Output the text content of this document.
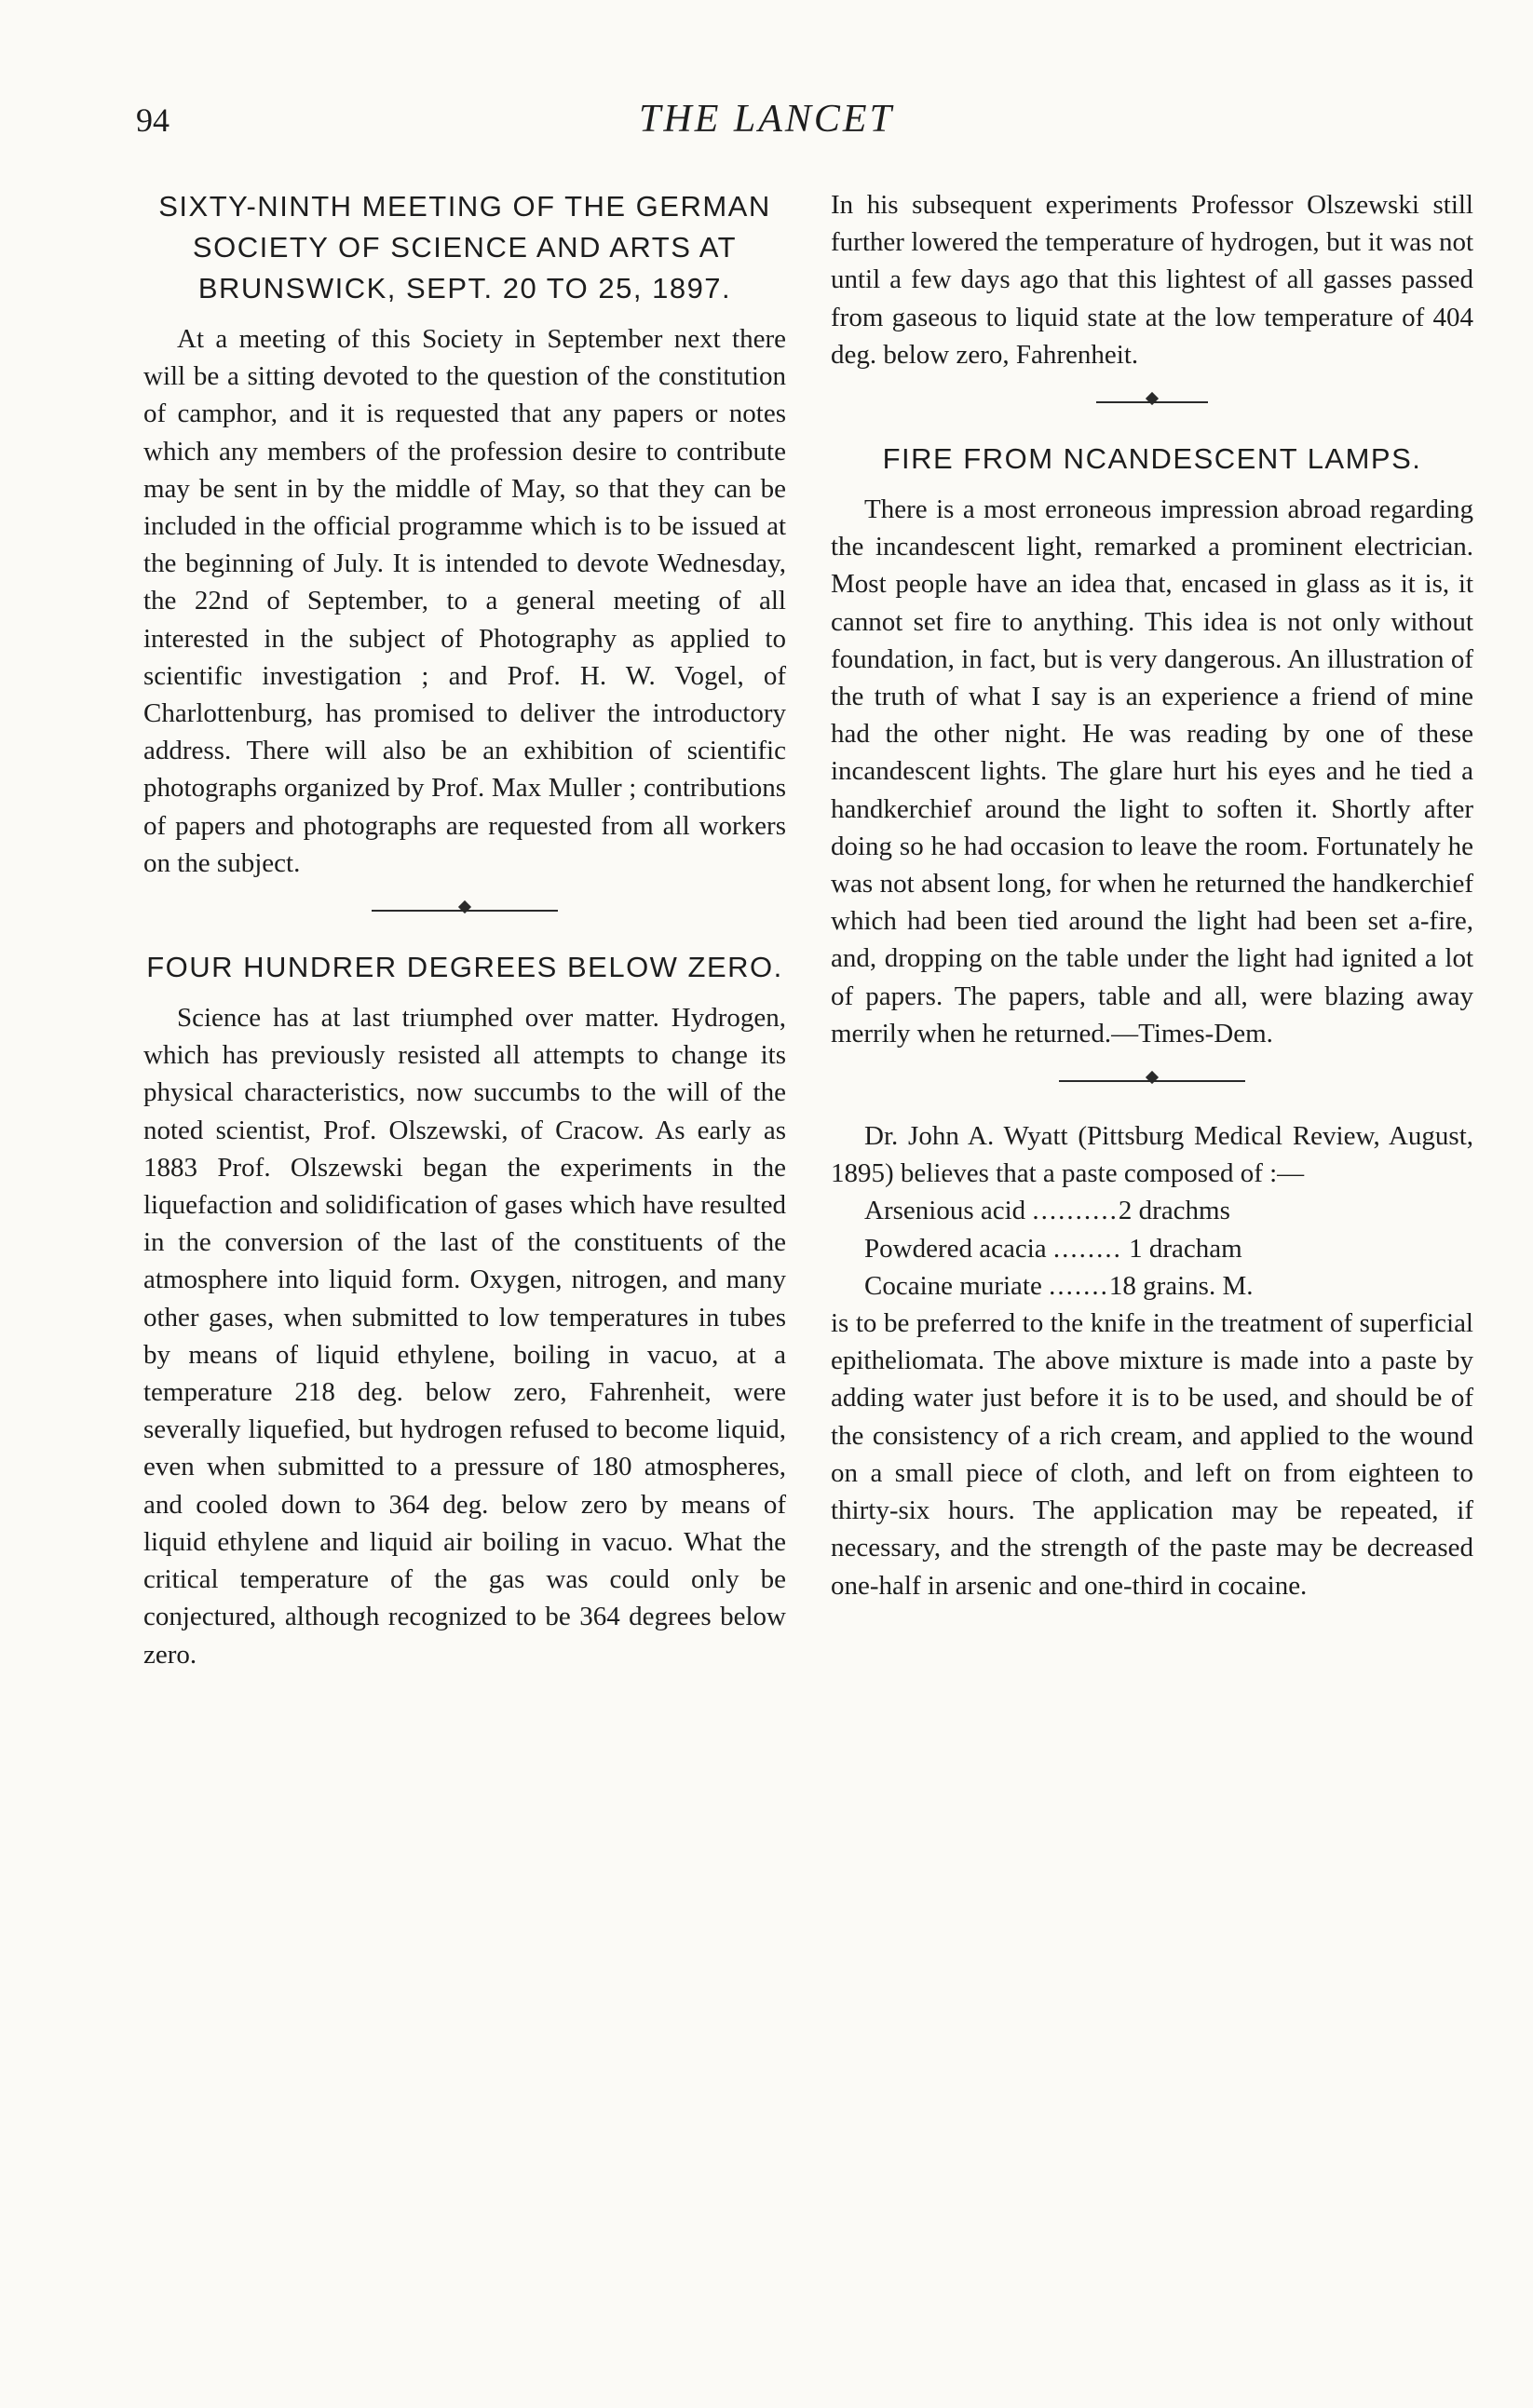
94	THE LANCET
SIXTY-NINTH MEETING OF THE GERMAN SOCIETY OF SCIENCE AND ARTS AT BRUNSWICK, SEPT. 20 TO 25, 1897.

At a meeting of this Society in September next there will be a sitting devoted to the question of the constitution of camphor, and it is requested that any papers or notes which any members of the profession desire to contribute may be sent in by the middle of May, so that they can be included in the official programme which is to be issued at the beginning of July. It is intended to devote Wednesday, the 22nd of September, to a general meeting of all interested in the subject of Photography as applied to scientific investigation ; and Prof. H. W. Vogel, of Charlottenburg, has promised to deliver the introductory address. There will also be an exhibition of scientific photographs organized by Prof. Max Muller ; contributions of papers and photographs are requested from all workers on the subject.

FOUR HUNDRER DEGREES BELOW ZERO.

Science has at last triumphed over matter. Hydrogen, which has previously resisted all attempts to change its physical characteristics, now succumbs to the will of the noted scientist, Prof. Olszewski, of Cracow. As early as 1883 Prof. Olszewski began the experiments in the liquefaction and solidification of gases which have resulted in the conversion of the last of the constituents of the atmosphere into liquid form. Oxygen, nitrogen, and many other gases, when submitted to low temperatures in tubes by means of liquid ethylene, boiling in vacuo, at a temperature 218 deg. below zero, Fahrenheit, were severally liquefied, but hydrogen refused to become liquid, even when submitted to a pressure of 180 atmospheres, and cooled down to 364 deg. below zero by means of liquid ethylene and liquid air boiling in vacuo. What the critical temperature of the gas was could only be conjectured, although recognized to be 364 degrees below zero.

In his subsequent experiments Professor Olszewski still further lowered the temperature of hydrogen, but it was not until a few days ago that this lightest of all gasses passed from gaseous to liquid state at the low temperature of 404 deg. below zero, Fahrenheit.

FIRE FROM NCANDESCENT LAMPS.

There is a most erroneous impression abroad regarding the incandescent light, remarked a prominent electrician. Most people have an idea that, encased in glass as it is, it cannot set fire to anything. This idea is not only without foundation, in fact, but is very dangerous. An illustration of the truth of what I say is an experience a friend of mine had the other night. He was reading by one of these incandescent lights. The glare hurt his eyes and he tied a handkerchief around the light to soften it. Shortly after doing so he had occasion to leave the room. Fortunately he was not absent long, for when he returned the handkerchief which had been tied around the light had been set a-fire, and, dropping on the table under the light had ignited a lot of papers. The papers, table and all, were blazing away merrily when he returned.—Times-Dem.

Dr. John A. Wyatt (Pittsburg Medical Review, August, 1895) believes that a paste composed of :—

Arsenious acid ..........2 drachms
Powdered acacia ........ 1 dracham
Cocaine muriate .......18 grains. M.

is to be preferred to the knife in the treatment of superficial epitheliomata. The above mixture is made into a paste by adding water just before it is to be used, and should be of the consistency of a rich cream, and applied to the wound on a small piece of cloth, and left on from eighteen to thirty-six hours. The application may be repeated, if necessary, and the strength of the paste may be decreased one-half in arsenic and one-third in cocaine.
